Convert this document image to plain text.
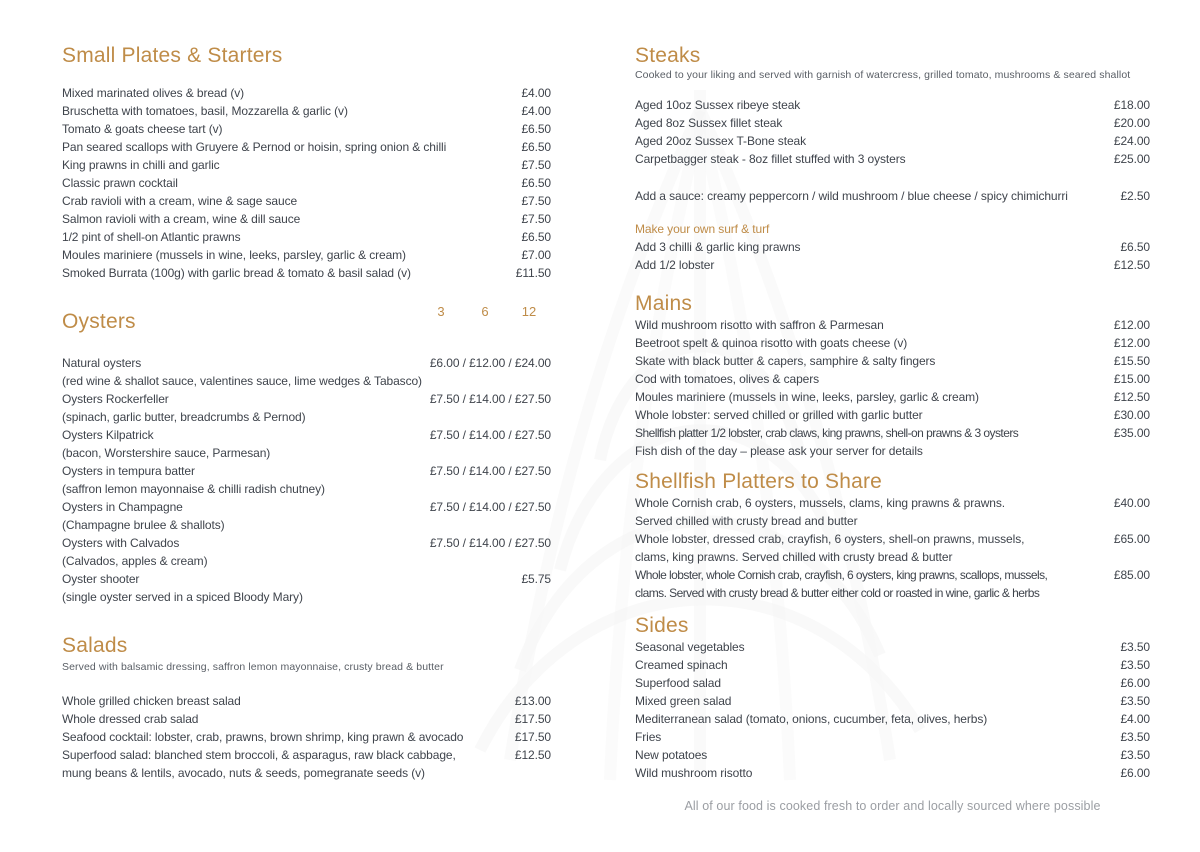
Small Plates & Starters
Mixed marinated olives & bread (v)	£4.00
Bruschetta with tomatoes, basil, Mozzarella & garlic (v)	£4.00
Tomato & goats cheese tart (v)	£6.50
Pan seared scallops with Gruyere & Pernod or hoisin, spring onion & chilli	£6.50
King prawns in chilli and garlic	£7.50
Classic prawn cocktail	£6.50
Crab ravioli with a cream, wine & sage sauce	£7.50
Salmon ravioli with a cream, wine & dill sauce	£7.50
1/2 pint of shell-on Atlantic prawns	£6.50
Moules mariniere (mussels in wine, leeks, parsley, garlic & cream)	£7.00
Smoked Burrata (100g) with garlic bread & tomato & basil salad (v)	£11.50
Oysters	3	6	12
Natural oysters	£6.00 / £12.00 / £24.00
(red wine & shallot sauce, valentines sauce, lime wedges & Tabasco)
Oysters Rockerfeller	£7.50 / £14.00 / £27.50
(spinach, garlic butter, breadcrumbs & Pernod)
Oysters Kilpatrick	£7.50 / £14.00 / £27.50
(bacon, Worstershire sauce, Parmesan)
Oysters in tempura batter	£7.50 / £14.00 / £27.50
(saffron lemon mayonnaise & chilli radish chutney)
Oysters in Champagne	£7.50 / £14.00 / £27.50
(Champagne brulee & shallots)
Oysters with Calvados	£7.50 / £14.00 / £27.50
(Calvados, apples & cream)
Oyster shooter	£5.75
(single oyster served in a spiced Bloody Mary)
Salads

Served with balsamic dressing, saffron lemon mayonnaise, crusty bread & butter

Whole grilled chicken breast salad	£13.00
Whole dressed crab salad	£17.50
Seafood cocktail: lobster, crab, prawns, brown shrimp, king prawn & avocado	£17.50
Superfood salad: blanched stem broccoli, & asparagus, raw black cabbage,	£12.50
mung beans & lentils, avocado, nuts & seeds, pomegranate seeds (v)
Steaks

Cooked to your liking and served with garnish of watercress, grilled tomato, mushrooms & seared shallot

Aged 10oz Sussex ribeye steak	£18.00
Aged 8oz Sussex fillet steak	£20.00
Aged 20oz Sussex T-Bone steak	£24.00
Carpetbagger steak - 8oz fillet stuffed with 3 oysters	£25.00
Add a sauce: creamy peppercorn / wild mushroom / blue cheese / spicy chimichurri	£2.50
Make your own surf & turf
Add 3 chilli & garlic king prawns	£6.50
Add 1/2 lobster	£12.50
Mains
Wild mushroom risotto with saffron & Parmesan	£12.00
Beetroot spelt & quinoa risotto with goats cheese (v)	£12.00
Skate with black butter & capers, samphire & salty fingers	£15.50
Cod with tomatoes, olives & capers	£15.00
Moules mariniere (mussels in wine, leeks, parsley, garlic & cream)	£12.50
Whole lobster: served chilled or grilled with garlic butter	£30.00
Shellfish platter 1/2 lobster, crab claws, king prawns, shell-on prawns & 3 oysters	£35.00
Fish dish of the day – please ask your server for details
Shellfish Platters to Share
Whole Cornish crab, 6 oysters, mussels, clams, king prawns & prawns.	£40.00
Served chilled with crusty bread and butter
Whole lobster, dressed crab, crayfish, 6 oysters, shell-on prawns, mussels,	£65.00
clams, king prawns. Served chilled with crusty bread & butter
Whole lobster, whole Cornish crab, crayfish, 6 oysters, king prawns, scallops, mussels,	£85.00
clams. Served with crusty bread & butter either cold or roasted in wine, garlic & herbs
Sides
Seasonal vegetables	£3.50
Creamed spinach	£3.50
Superfood salad	£6.00
Mixed green salad	£3.50
Mediterranean salad (tomato, onions, cucumber, feta, olives, herbs)	£4.00
Fries	£3.50
New potatoes	£3.50
Wild mushroom risotto	£6.00

All of our food is cooked fresh to order and locally sourced where possible
